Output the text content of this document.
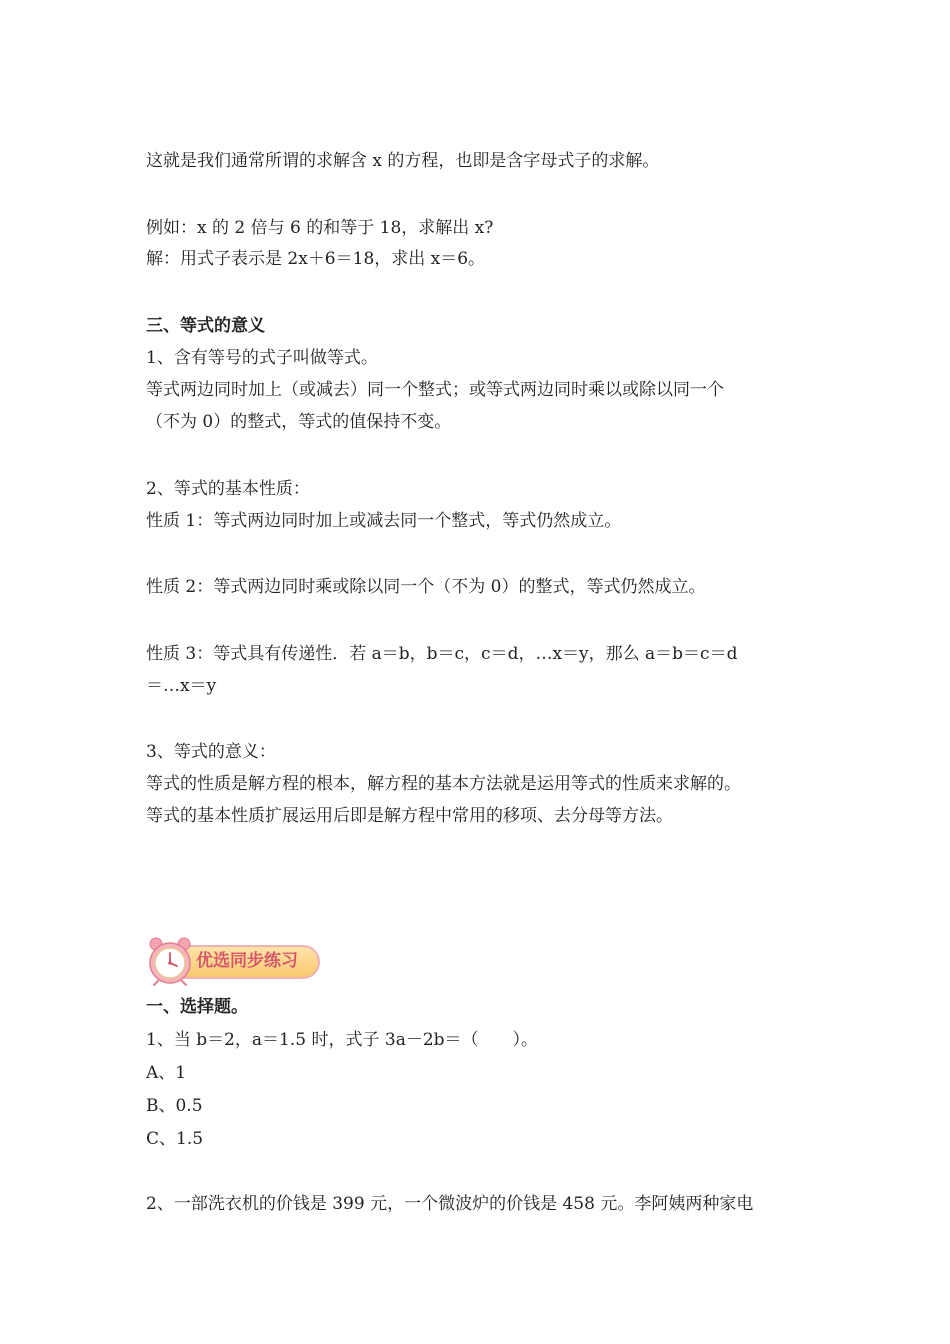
这就是我们通常所谓的求解含 x 的方程，也即是含字母式子的求解。
例如：x 的 2 倍与 6 的和等于 18，求解出 x?
解：用式子表示是 2x＋6＝18，求出 x＝6。
三、等式的意义
1、含有等号的式子叫做等式。
等式两边同时加上（或减去）同一个整式；或等式两边同时乘以或除以同一个
（不为 0）的整式，等式的值保持不变。
2、等式的基本性质：
性质 1：等式两边同时加上或减去同一个整式，等式仍然成立。
性质 2：等式两边同时乘或除以同一个（不为 0）的整式，等式仍然成立。
性质 3：等式具有传递性．若 a＝b，b＝c，c＝d，…x＝y，那么 a＝b＝c＝d
＝…x＝y
3、等式的意义：
等式的性质是解方程的根本，解方程的基本方法就是运用等式的性质来求解的。
等式的基本性质扩展运用后即是解方程中常用的移项、去分母等方法。
优选同步练习
一、选择题。
1、当 b＝2，a＝1.5 时，式子 3a－2b＝（　　）。
A、1
B、0.5
C、1.5
2、一部洗衣机的价钱是 399 元，一个微波炉的价钱是 458 元。李阿姨两种家电
